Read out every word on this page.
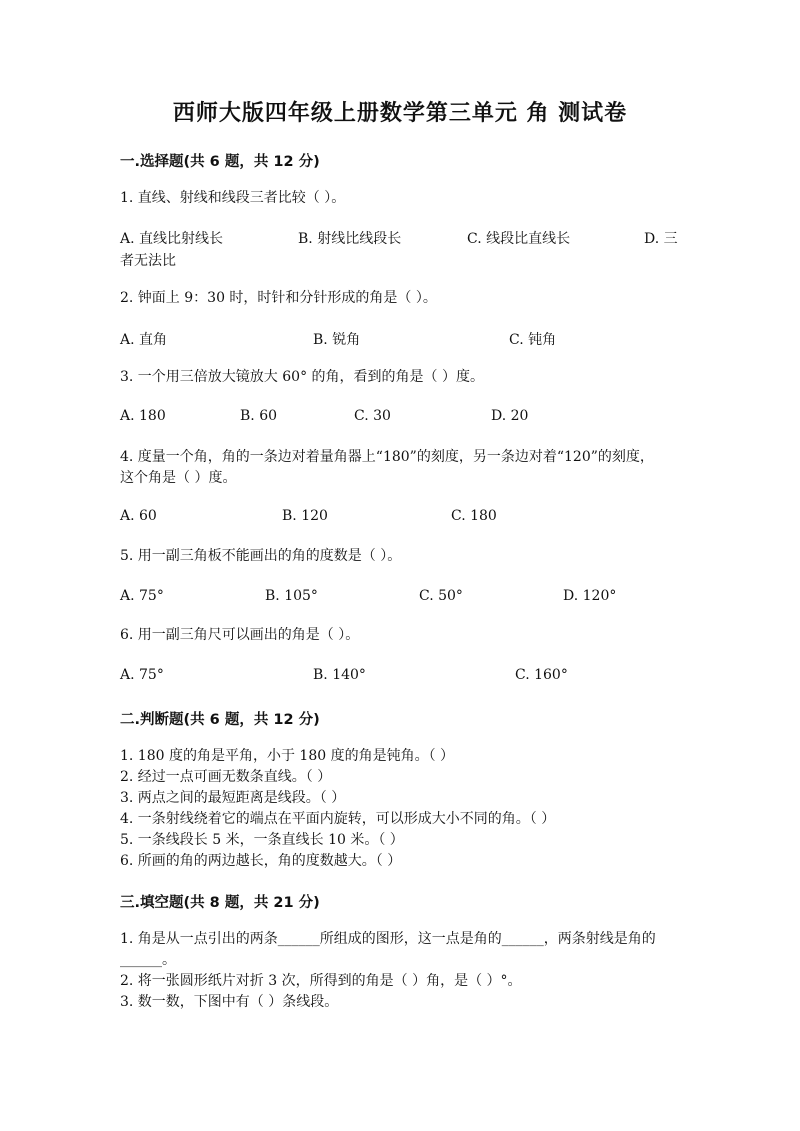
西师大版四年级上册数学第三单元 角 测试卷
一.选择题(共 6 题，共 12 分)
1. 直线、射线和线段三者比较（ ）。
A. 直线比射线长	B. 射线比线段长	C. 线段比直线长	D. 三
者无法比
2. 钟面上 9：30 时，时针和分针形成的角是（ ）。
A. 直角	B. 锐角	C. 钝角
3. 一个用三倍放大镜放大 60° 的角，看到的角是（ ）度。
A. 180	B. 60	C. 30	D. 20
4. 度量一个角，角的一条边对着量角器上“180”的刻度，另一条边对着“120”的刻度，这个角是（ ）度。
A. 60	B. 120	C. 180
5. 用一副三角板不能画出的角的度数是（ ）。
A. 75°	B. 105°	C. 50°	D. 120°
6. 用一副三角尺可以画出的角是（ ）。
A. 75°	B. 140°	C. 160°
二.判断题(共 6 题，共 12 分)
1. 180 度的角是平角，小于 180 度的角是钝角。（ ）
2. 经过一点可画无数条直线。（ ）
3. 两点之间的最短距离是线段。（ ）
4. 一条射线绕着它的端点在平面内旋转，可以形成大小不同的角。（ ）
5. 一条线段长 5 米，一条直线长 10 米。（ ）
6. 所画的角的两边越长，角的度数越大。（ ）
三.填空题(共 8 题，共 21 分)
1. 角是从一点引出的两条______所组成的图形，这一点是角的______，两条射线是角的______。
2. 将一张圆形纸片对折 3 次，所得到的角是（ ）角，是（ ）°。
3. 数一数，下图中有（ ）条线段。
